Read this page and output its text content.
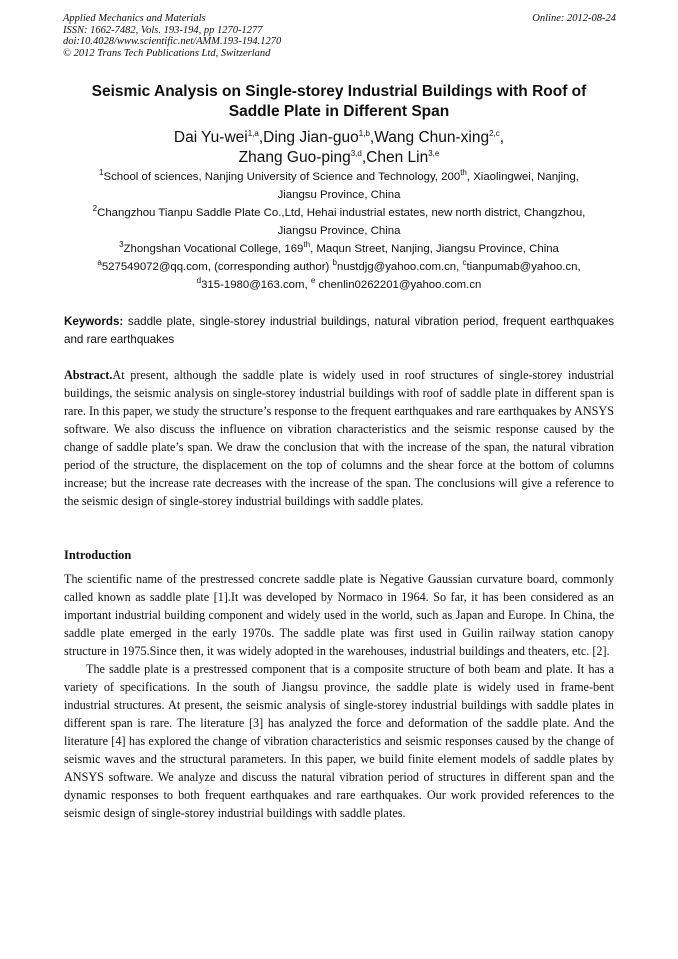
Applied Mechanics and Materials
ISSN: 1662-7482, Vols. 193-194, pp 1270-1277
doi:10.4028/www.scientific.net/AMM.193-194.1270
© 2012 Trans Tech Publications Ltd, Switzerland
Online: 2012-08-24
Seismic Analysis on Single-storey Industrial Buildings with Roof of
Saddle Plate in Different Span
Dai Yu-wei$^{1,a}$,Ding Jian-guo$^{1,b}$,Wang Chun-xing$^{2,c}$,
Zhang Guo-ping$^{3,d}$,Chen Lin$^{3,e}$
$^1$School of sciences, Nanjing University of Science and Technology, 200th, Xiaolingwei, Nanjing,
Jiangsu Province, China
$^2$Changzhou Tianpu Saddle Plate Co.,Ltd, Hehai industrial estates, new north district, Changzhou,
Jiangsu Province, China
$^3$Zhongshan Vocational College, 169th, Maqun Street, Nanjing, Jiangsu Province, China
$^a$527549072@qq.com, (corresponding author) $^b$nustdjg@yahoo.com.cn, $^c$tianpumab@yahoo.cn,
$^d$315-1980@163.com, $^e$ chenlin0262201@yahoo.com.cn
Keywords: saddle plate, single-storey industrial buildings, natural vibration period, frequent earthquakes and rare earthquakes
Abstract.At present, although the saddle plate is widely used in roof structures of single-storey industrial buildings, the seismic analysis on single-storey industrial buildings with roof of saddle plate in different span is rare. In this paper, we study the structure’s response to the frequent earthquakes and rare earthquakes by ANSYS software. We also discuss the influence on vibration characteristics and the seismic response caused by the change of saddle plate’s span. We draw the conclusion that with the increase of the span, the natural vibration period of the structure, the displacement on the top of columns and the shear force at the bottom of columns increase; but the increase rate decreases with the increase of the span. The conclusions will give a reference to the seismic design of single-storey industrial buildings with saddle plates.
Introduction

The scientific name of the prestressed concrete saddle plate is Negative Gaussian curvature board, commonly called known as saddle plate [1].It was developed by Normaco in 1964. So far, it has been considered as an important industrial building component and widely used in the world, such as Japan and Europe. In China, the saddle plate emerged in the early 1970s. The saddle plate was first used in Guilin railway station canopy structure in 1975.Since then, it was widely adopted in the warehouses, industrial buildings and theaters, etc. [2].

The saddle plate is a prestressed component that is a composite structure of both beam and plate. It has a variety of specifications. In the south of Jiangsu province, the saddle plate is widely used in frame-bent industrial structures. At present, the seismic analysis of single-storey industrial buildings with saddle plates in different span is rare. The literature [3] has analyzed the force and deformation of the saddle plate. And the literature [4] has explored the change of vibration characteristics and seismic responses caused by the change of seismic waves and the structural parameters. In this paper, we build finite element models of saddle plates by ANSYS software. We analyze and discuss the natural vibration period of structures in different span and the dynamic responses to both frequent earthquakes and rare earthquakes. Our work provided references to the seismic design of single-storey industrial buildings with saddle plates.
